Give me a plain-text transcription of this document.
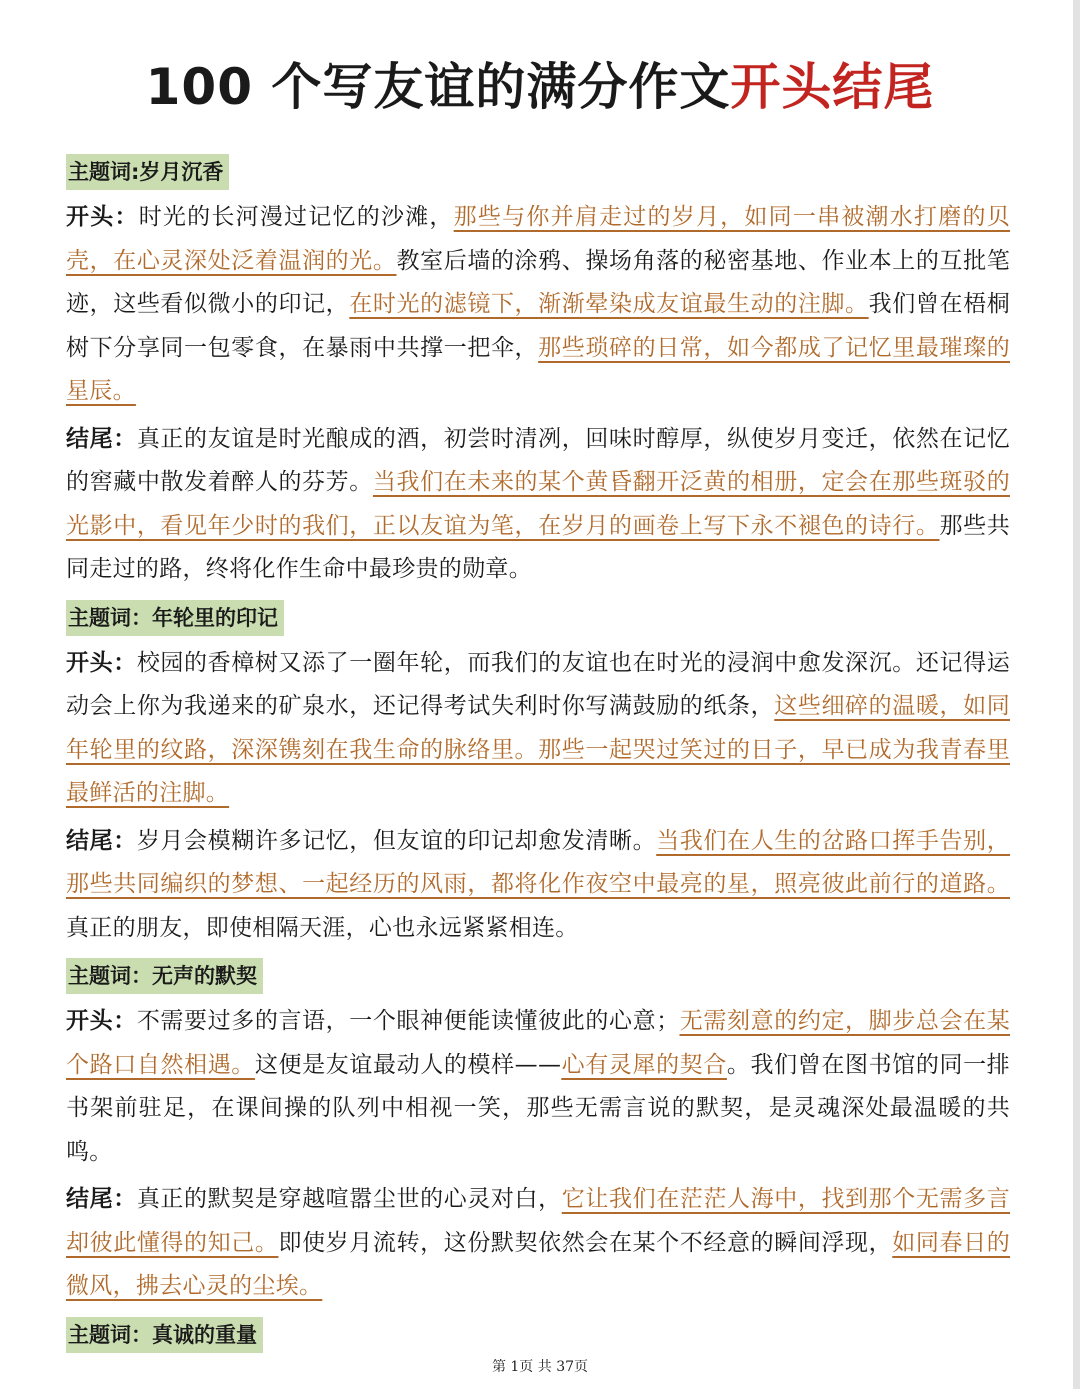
100 个写友谊的满分作文开头结尾
主题词:岁月沉香

开头：时光的长河漫过记忆的沙滩，那些与你并肩走过的岁月，如同一串被潮水打磨的贝壳，在心灵深处泛着温润的光。教室后墙的涂鸦、操场角落的秘密基地、作业本上的互批笔迹，这些看似微小的印记，在时光的滤镜下，渐渐晕染成友谊最生动的注脚。我们曾在梧桐树下分享同一包零食，在暴雨中共撑一把伞，那些琐碎的日常，如今都成了记忆里最璀璨的星辰。

结尾：真正的友谊是时光酿成的酒，初尝时清冽，回味时醇厚，纵使岁月变迁，依然在记忆的窖藏中散发着醉人的芬芳。当我们在未来的某个黄昏翻开泛黄的相册，定会在那些斑驳的光影中，看见年少时的我们，正以友谊为笔，在岁月的画卷上写下永不褪色的诗行。那些共同走过的路，终将化作生命中最珍贵的勋章。

主题词：年轮里的印记

开头：校园的香樟树又添了一圈年轮，而我们的友谊也在时光的浸润中愈发深沉。还记得运动会上你为我递来的矿泉水，还记得考试失利时你写满鼓励的纸条，这些细碎的温暖，如同年轮里的纹路，深深镌刻在我生命的脉络里。那些一起哭过笑过的日子，早已成为我青春里最鲜活的注脚。

结尾：岁月会模糊许多记忆，但友谊的印记却愈发清晰。当我们在人生的岔路口挥手告别，那些共同编织的梦想、一起经历的风雨，都将化作夜空中最亮的星，照亮彼此前行的道路。真正的朋友，即使相隔天涯，心也永远紧紧相连。

主题词：无声的默契

开头：不需要过多的言语，一个眼神便能读懂彼此的心意；无需刻意的约定，脚步总会在某个路口自然相遇。这便是友谊最动人的模样——心有灵犀的契合。我们曾在图书馆的同一排书架前驻足，在课间操的队列中相视一笑，那些无需言说的默契，是灵魂深处最温暖的共鸣。

结尾：真正的默契是穿越喧嚣尘世的心灵对白，它让我们在茫茫人海中，找到那个无需多言却彼此懂得的知己。即使岁月流转，这份默契依然会在某个不经意的瞬间浮现，如同春日的微风，拂去心灵的尘埃。

主题词：真诚的重量
第 1页 共 37页
